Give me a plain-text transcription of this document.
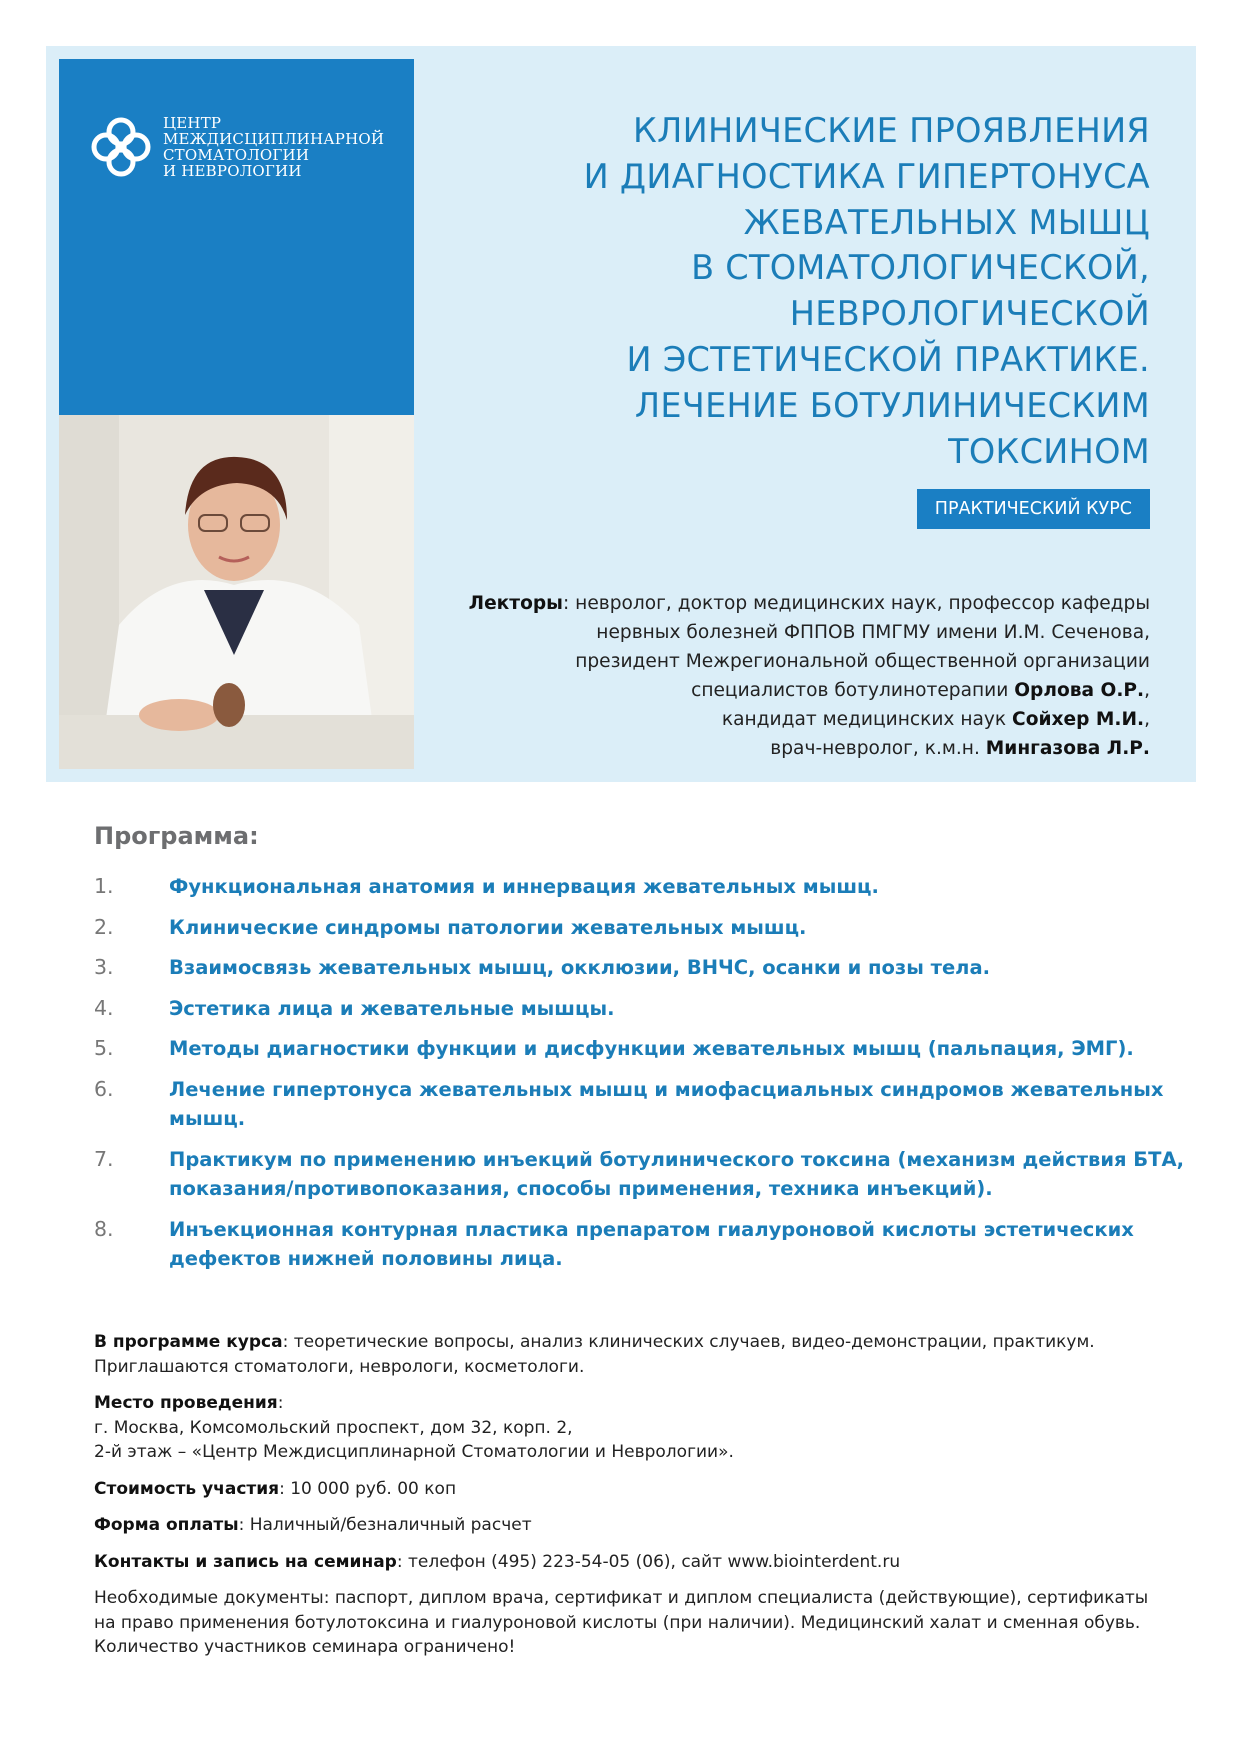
ЦЕНТР
МЕЖДИСЦИПЛИНАРНОЙ
СТОМАТОЛОГИИ
И НЕВРОЛОГИИ
КЛИНИЧЕСКИЕ ПРОЯВЛЕНИЯ
И ДИАГНОСТИКА ГИПЕРТОНУСА
ЖЕВАТЕЛЬНЫХ МЫШЦ
В СТОМАТОЛОГИЧЕСКОЙ,
НЕВРОЛОГИЧЕСКОЙ
И ЭСТЕТИЧЕСКОЙ ПРАКТИКЕ.
ЛЕЧЕНИЕ БОТУЛИНИЧЕСКИМ
ТОКСИНОМ
ПРАКТИЧЕСКИЙ КУРС
Лекторы: невролог, доктор медицинских наук, профессор кафедры
нервных болезней ФППОВ ПМГМУ имени И.М. Сеченова,
президент Межрегиональной общественной организации
специалистов ботулинотерапии Орлова О.Р.,
кандидат медицинских наук Сойхер М.И.,
врач-невролог, к.м.н. Мингазова Л.Р.
Программа:
1.	Функциональная анатомия и иннервация жевательных мышц.
2.	Клинические синдромы патологии жевательных мышц.
3.	Взаимосвязь жевательных мышц, окклюзии, ВНЧС, осанки и позы тела.
4.	Эстетика лица и жевательные мышцы.
5.	Методы диагностики функции и дисфункции жевательных мышц (пальпация, ЭМГ).
6.	Лечение гипертонуса жевательных мышц и миофасциальных синдромов жевательных мышц.
7.	Практикум по применению инъекций ботулинического токсина (механизм действия БТА, показания/противопоказания, способы применения, техника инъекций).
8.	Инъекционная контурная пластика препаратом гиалуроновой кислоты эстетических дефектов нижней половины лица.

В программе курса: теоретические вопросы, анализ клинических случаев, видео-демонстрации, практикум.
Приглашаются стоматологи, неврологи, косметологи.

Место проведения:
г. Москва, Комсомольский проспект, дом 32, корп. 2,
2-й этаж – «Центр Междисциплинарной Стоматологии и Неврологии».

Стоимость участия: 10 000 руб. 00 коп

Форма оплаты: Наличный/безналичный расчет

Контакты и запись на семинар: телефон (495) 223-54-05 (06), сайт www.biointerdent.ru

Необходимые документы: паспорт, диплом врача, сертификат и диплом специалиста (действующие), сертификаты
на право применения ботулотоксина и гиалуроновой кислоты (при наличии). Медицинский халат и сменная обувь.
Количество участников семинара ограничено!
